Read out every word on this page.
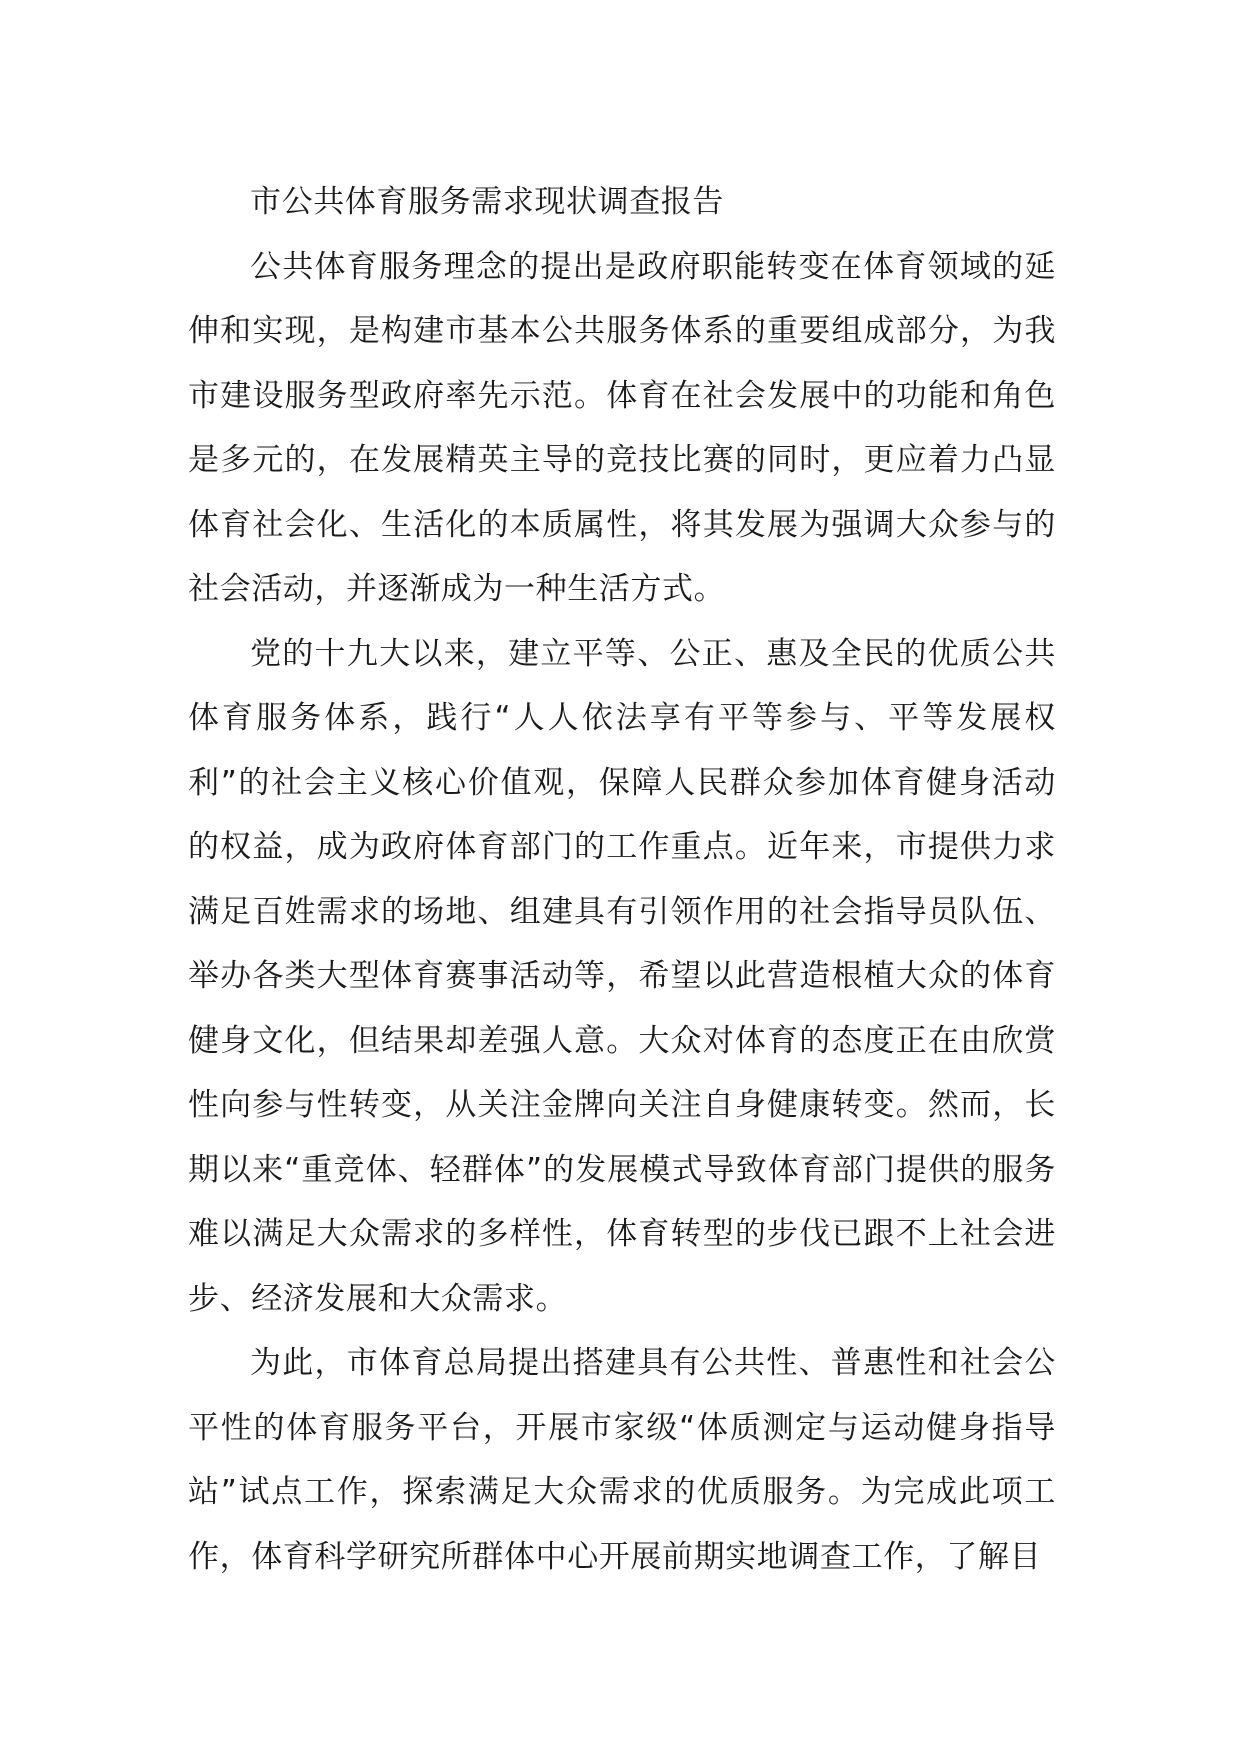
市公共体育服务需求现状调查报告

公共体育服务理念的提出是政府职能转变在体育领域的延伸和实现，是构建市基本公共服务体系的重要组成部分，为我市建设服务型政府率先示范。体育在社会发展中的功能和角色是多元的，在发展精英主导的竞技比赛的同时，更应着力凸显体育社会化、生活化的本质属性，将其发展为强调大众参与的社会活动，并逐渐成为一种生活方式。

党的十九大以来，建立平等、公正、惠及全民的优质公共体育服务体系，践行“人人依法享有平等参与、平等发展权利”的社会主义核心价值观，保障人民群众参加体育健身活动的权益，成为政府体育部门的工作重点。近年来，市提供力求满足百姓需求的场地、组建具有引领作用的社会指导员队伍、举办各类大型体育赛事活动等，希望以此营造根植大众的体育健身文化，但结果却差强人意。大众对体育的态度正在由欣赏性向参与性转变，从关注金牌向关注自身健康转变。然而，长期以来“重竞体、轻群体”的发展模式导致体育部门提供的服务难以满足大众需求的多样性，体育转型的步伐已跟不上社会进步、经济发展和大众需求。

为此，市体育总局提出搭建具有公共性、普惠性和社会公平性的体育服务平台，开展市家级“体质测定与运动健身指导站”试点工作，探索满足大众需求的优质服务。为完成此项工作，体育科学研究所群体中心开展前期实地调查工作，了解目
